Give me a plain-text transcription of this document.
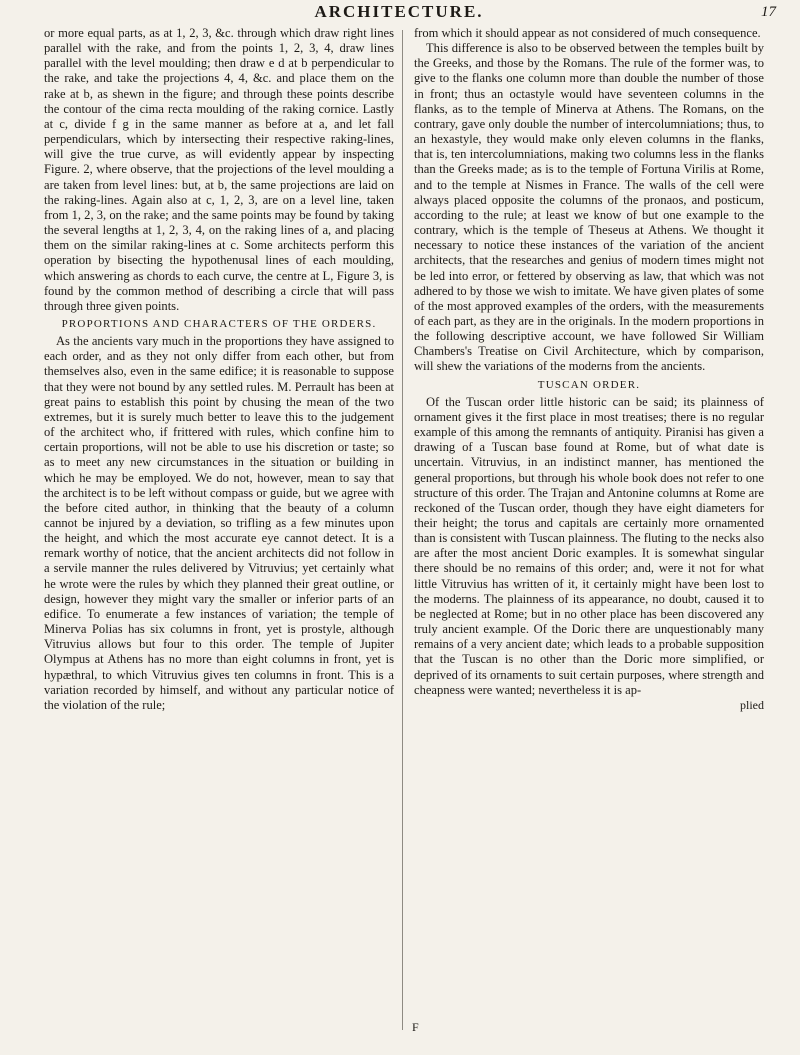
ARCHITECTURE.	17

or more equal parts, as at 1, 2, 3, &c. through which draw right lines parallel with the rake, and from the points 1, 2, 3, 4, draw lines parallel with the level moulding; then draw e d at b perpendicular to the rake, and take the projections 4, 4, &c. and place them on the rake at b, as shewn in the figure; and through these points describe the contour of the cima recta moulding of the raking cornice. Lastly at c, divide f g in the same manner as before at a, and let fall perpendiculars, which by intersecting their respective raking-lines, will give the true curve, as will evidently appear by inspecting Figure. 2, where observe, that the projections of the level moulding a are taken from level lines: but, at b, the same projections are laid on the raking-lines. Again also at c, 1, 2, 3, are on a level line, taken from 1, 2, 3, on the rake; and the same points may be found by taking the several lengths at 1, 2, 3, 4, on the raking lines of a, and placing them on the similar raking-lines at c. Some architects perform this operation by bisecting the hypothenusal lines of each moulding, which answering as chords to each curve, the centre at L, Figure 3, is found by the common method of describing a circle that will pass through three given points.

PROPORTIONS AND CHARACTERS OF THE ORDERS.

As the ancients vary much in the proportions they have assigned to each order, and as they not only differ from each other, but from themselves also, even in the same edifice; it is reasonable to suppose that they were not bound by any settled rules. M. Perrault has been at great pains to establish this point by chusing the mean of the two extremes, but it is surely much better to leave this to the judgement of the architect who, if frittered with rules, which confine him to certain proportions, will not be able to use his discretion or taste; so as to meet any new circumstances in the situation or building in which he may be employed. We do not, however, mean to say that the architect is to be left without compass or guide, but we agree with the before cited author, in thinking that the beauty of a column cannot be injured by a deviation, so trifling as a few minutes upon the height, and which the most accurate eye cannot detect. It is a remark worthy of notice, that the ancient architects did not follow in a servile manner the rules delivered by Vitruvius; yet certainly what he wrote were the rules by which they planned their great outline, or design, however they might vary the smaller or inferior parts of an edifice. To enumerate a few instances of variation; the temple of Minerva Polias has six columns in front, yet is prostyle, although Vitruvius allows but four to this order. The temple of Jupiter Olympus at Athens has no more than eight columns in front, yet is hypæthral, to which Vitruvius gives ten columns in front. This is a variation recorded by himself, and without any particular notice of the violation of the rule;

from which it should appear as not considered of much consequence.

This difference is also to be observed between the temples built by the Greeks, and those by the Romans. The rule of the former was, to give to the flanks one column more than double the number of those in front; thus an octastyle would have seventeen columns in the flanks, as to the temple of Minerva at Athens. The Romans, on the contrary, gave only double the number of intercolumniations; thus, to an hexastyle, they would make only eleven columns in the flanks, that is, ten intercolumniations, making two columns less in the flanks than the Greeks made; as is to the temple of Fortuna Virilis at Rome, and to the temple at Nismes in France. The walls of the cell were always placed opposite the columns of the pronaos, and posticum, according to the rule; at least we know of but one example to the contrary, which is the temple of Theseus at Athens. We thought it necessary to notice these instances of the variation of the ancient architects, that the researches and genius of modern times might not be led into error, or fettered by observing as law, that which was not adhered to by those we wish to imitate. We have given plates of some of the most approved examples of the orders, with the measurements of each part, as they are in the originals. In the modern proportions in the following descriptive account, we have followed Sir William Chambers's Treatise on Civil Architecture, which by comparison, will shew the variations of the moderns from the ancients.

TUSCAN ORDER.

Of the Tuscan order little historic can be said; its plainness of ornament gives it the first place in most treatises; there is no regular example of this among the remnants of antiquity. Piranisi has given a drawing of a Tuscan base found at Rome, but of what date is uncertain. Vitruvius, in an indistinct manner, has mentioned the general proportions, but through his whole book does not refer to one structure of this order. The Trajan and Antonine columns at Rome are reckoned of the Tuscan order, though they have eight diameters for their height; the torus and capitals are certainly more ornamented than is consistent with Tuscan plainness. The fluting to the necks also are after the most ancient Doric examples. It is somewhat singular there should be no remains of this order; and, were it not for what little Vitruvius has written of it, it certainly might have been lost to the moderns. The plainness of its appearance, no doubt, caused it to be neglected at Rome; but in no other place has been discovered any truly ancient example. Of the Doric there are unquestionably many remains of a very ancient date; which leads to a probable supposition that the Tuscan is no other than the Doric more simplified, or deprived of its ornaments to suit certain purposes, where strength and cheapness were wanted; nevertheless it is ap-

plied

F
